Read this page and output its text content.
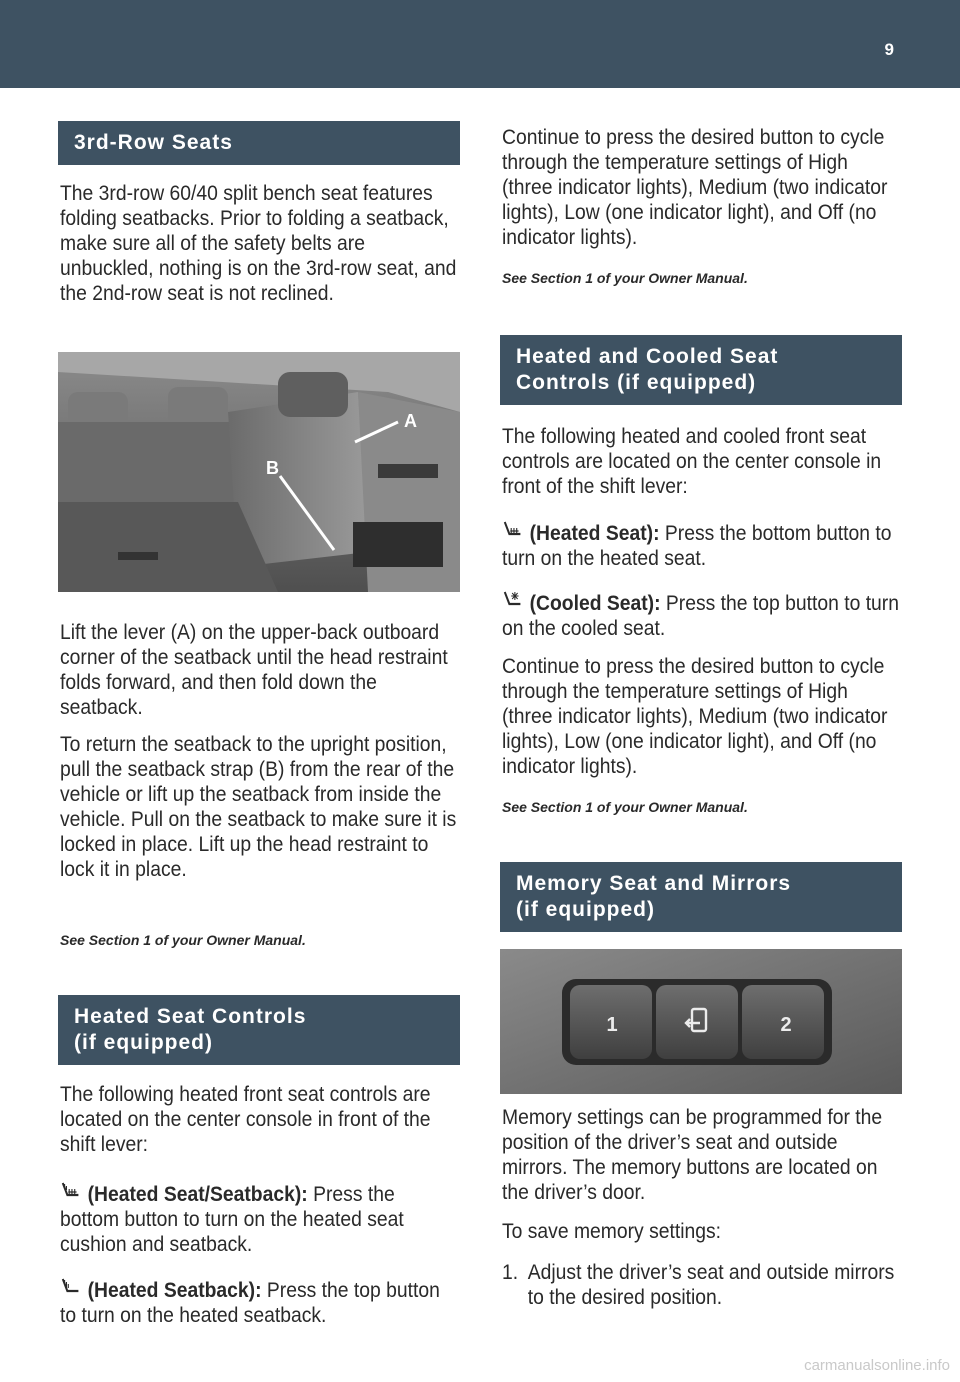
9
3rd-Row Seats

The 3rd-row 60/40 split bench seat features folding seatbacks. Prior to folding a seatback, make sure all of the safety belts are unbuckled, nothing is on the 3rd-row seat, and the 2nd-row seat is not reclined.

A
B

Lift the lever (A) on the upper-back outboard corner of the seatback until the head restraint folds forward, and then fold down the seatback.

To return the seatback to the upright position, pull the seatback strap (B) from the rear of the vehicle or lift up the seatback from inside the vehicle. Pull on the seatback to make sure it is locked in place. Lift up the head restraint to lock it in place.

See Section 1 of your Owner Manual.
Heated Seat Controls
(if equipped)

The following heated front seat controls are located on the center console in front of the shift lever:

(Heated Seat/Seatback): Press the bottom button to turn on the heated seat cushion and seatback.

(Heated Seatback): Press the top button to turn on the heated seatback.

Continue to press the desired button to cycle through the temperature settings of High (three indicator lights), Medium (two indicator lights), Low (one indicator light), and Off (no indicator lights).

See Section 1 of your Owner Manual.
Heated and Cooled Seat
Controls (if equipped)

The following heated and cooled front seat controls are located on the center console in front of the shift lever:

(Heated Seat): Press the bottom button to turn on the heated seat.

(Cooled Seat): Press the top button to turn on the cooled seat.

Continue to press the desired button to cycle through the temperature settings of High (three indicator lights), Medium (two indicator lights), Low (one indicator light), and Off (no indicator lights).

See Section 1 of your Owner Manual.
Memory Seat and Mirrors
(if equipped)
1	2

Memory settings can be programmed for the position of the driver’s seat and outside mirrors. The memory buttons are located on the driver’s door.

To save memory settings:

1. Adjust the driver’s seat and outside mirrors to the desired position.
carmanualsonline.info
